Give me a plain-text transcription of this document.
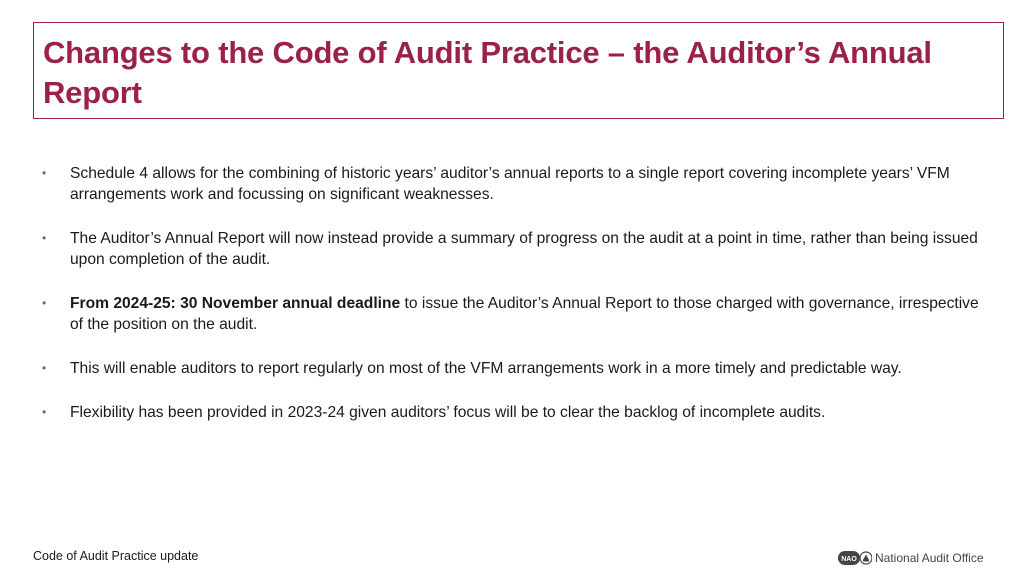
Changes to the Code of Audit Practice – the Auditor’s Annual Report
•	Schedule 4 allows for the combining of historic years’ auditor’s annual reports to a single report covering incomplete years’ VFM arrangements work and focussing on significant weaknesses.
•	The Auditor’s Annual Report will now instead provide a summary of progress on the audit at a point in time, rather than being issued upon completion of the audit.
•	From 2024-25: 30 November annual deadline to issue the Auditor’s Annual Report to those charged with governance, irrespective of the position on the audit.
•	This will enable auditors to report regularly on most of the VFM arrangements work in a more timely and predictable way.
•	Flexibility has been provided in 2023-24 given auditors’ focus will be to clear the backlog of incomplete audits.
Code of Audit Practice update	NAO National Audit Office
